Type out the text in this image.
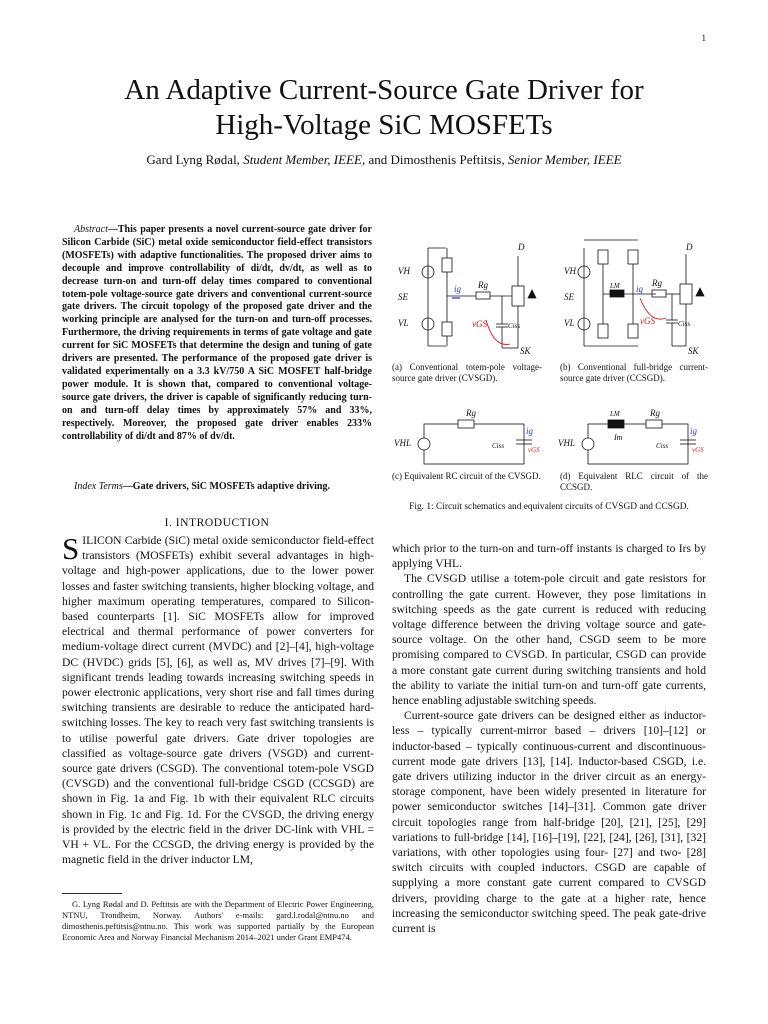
1
An Adaptive Current-Source Gate Driver for
High-Voltage SiC MOSFETs
Gard Lyng Rødal, Student Member, IEEE, and Dimosthenis Peftitsis, Senior Member, IEEE
Abstract—This paper presents a novel current-source gate driver for Silicon Carbide (SiC) metal oxide semiconductor field-effect transistors (MOSFETs) with adaptive functionalities. The proposed driver aims to decouple and improve controllability of di/dt, dv/dt, as well as to decrease turn-on and turn-off delay times compared to conventional totem-pole voltage-source gate drivers and conventional current-source gate drivers. The circuit topology of the proposed gate driver and the working principle are analysed for the turn-on and turn-off processes. Furthermore, the driving requirements in terms of gate voltage and gate current for SiC MOSFETs that determine the design and tuning of gate drivers are presented. The performance of the proposed gate driver is validated experimentally on a 3.3 kV/750 A SiC MOSFET half-bridge power module. It is shown that, compared to conventional voltage-source gate drivers, the driver is capable of significantly reducing turn-on and turn-off delay times by approximately 57% and 33%, respectively. Moreover, the proposed gate driver enables 233% controllability of di/dt and 87% of dv/dt.
Index Terms—Gate drivers, SiC MOSFETs adaptive driving.
I. INTRODUCTION
SILICON Carbide (SiC) metal oxide semiconductor field-effect transistors (MOSFETs) exhibit several advantages in high-voltage and high-power applications, due to the lower power losses and faster switching transients, higher blocking voltage, and higher maximum operating temperatures, compared to Silicon-based counterparts [1]. SiC MOSFETs allow for improved electrical and thermal performance of power converters for medium-voltage direct current (MVDC) and [2]–[4], high-voltage DC (HVDC) grids [5], [6], as well as, MV drives [7]–[9]. With significant trends leading towards increasing switching speeds in power electronic applications, very short rise and fall times during switching transients are desirable to reduce the anticipated hard-switching losses. The key to reach very fast switching transients is to utilise powerful gate drivers. Gate driver topologies are classified as voltage-source gate drivers (VSGD) and current-source gate drivers (CSGD). The conventional totem-pole VSGD (CVSGD) and the conventional full-bridge CSGD (CCSGD) are shown in Fig. 1a and Fig. 1b with their equivalent RLC circuits shown in Fig. 1c and Fig. 1d. For the CVSGD, the driving energy is provided by the electric field in the driver DC-link with VHL = VH + VL. For the CCSGD, the driving energy is provided by the magnetic field in the driver inductor LM,
G. Lyng Rødal and D. Peftitsis are with the Department of Electric Power Engineering, NTNU, Trondheim, Norway. Authors' e-mails: gard.l.rodal@ntnu.no and dimosthenis.peftitsis@ntnu.no. This work was supported partially by the European Economic Area and Norway Financial Mechanism 2014–2021 under Grant EMP474.

which prior to the turn-on and turn-off instants is charged to Irs by applying VHL.

The CVSGD utilise a totem-pole circuit and gate resistors for controlling the gate current. However, they pose limitations in switching speeds as the gate current is reduced with reducing voltage difference between the driving voltage source and gate-source voltage. On the other hand, CSGD seem to be more promising compared to CVSGD. In particular, CSGD can provide a more constant gate current during switching transients and hold the ability to variate the initial turn-on and turn-off gate currents, hence enabling adjustable switching speeds.

Current-source gate drivers can be designed either as inductor-less – typically current-mirror based – drivers [10]–[12] or inductor-based – typically continuous-current and discontinuous-current mode gate drivers [13], [14]. Inductor-based CSGD, i.e. gate drivers utilizing inductor in the driver circuit as an energy-storage component, have been widely presented in literature for power semiconductor switches [14]–[31]. Common gate driver circuit topologies range from half-bridge [20], [21], [25], [29] variations to full-bridge [14], [16]–[19], [22], [24], [26], [31], [32] variations, with other topologies using four- [27] and two- [28] switch circuits with coupled inductors. CSGD are capable of supplying a more constant gate current compared to CVSGD drivers, providing charge to the gate at a higher rate, hence increasing the semiconductor switching speed. The peak gate-drive current is

D
VH
SE
VL
ig Rg
vGS	Ciss
SK
D
VH
SE
VL
LM ig
Rg
vGS	Ciss
SK
VHL
Rg
Ciss
ig
vGS
VHL
LM	Rg
Im
Ciss
ig
vGS
(a) Conventional totem-pole voltage-source gate driver (CVSGD).
(b) Conventional full-bridge current-source gate driver (CCSGD).
(c) Equivalent RC circuit of the CVSGD. (d) Equivalent RLC circuit of the CCSGD.
Fig. 1: Circuit schematics and equivalent circuits of CVSGD and CCSGD.
